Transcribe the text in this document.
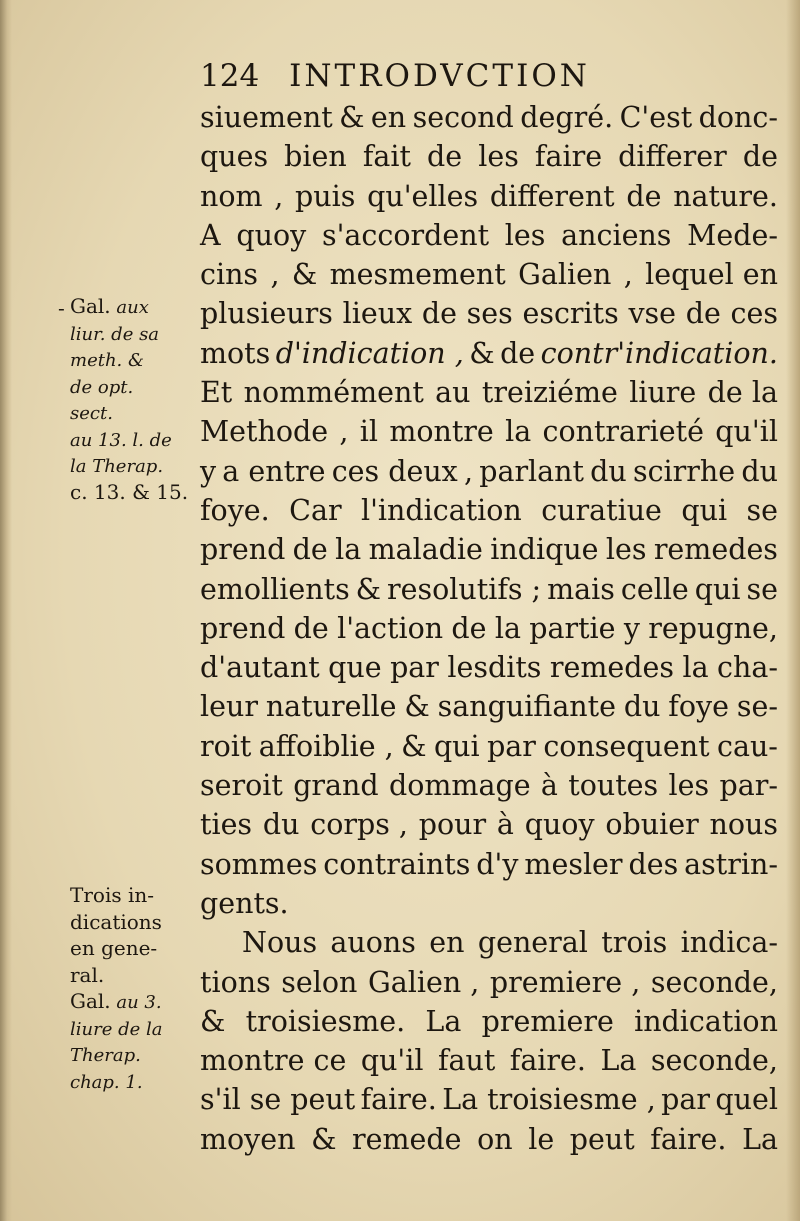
124 INTRODVCTION
- Gal. aux
liur. de sa
meth. &
de opt.
sect.
au 13. l. de
la Therap.
c. 13. & 15.
Trois in-
dications
en gene-
ral.
Gal. au 3.
liure de la
Therap.
chap. 1.
siuement & en second degré. C'est donc-
ques bien fait de les faire differer de
nom , puis qu'elles different de nature.
A quoy s'accordent les anciens Mede-
cins , & mesmement Galien , lequel en
plusieurs lieux de ses escrits vse de ces
mots d'indication , & de contr'indication.
Et nommément au treiziéme liure de la
Methode , il montre la contrarieté qu'il
y a entre ces deux , parlant du scirrhe du
foye. Car l'indication curatiue qui se
prend de la maladie indique les remedes
emollients & resolutifs ; mais celle qui se
prend de l'action de la partie y repugne,
d'autant que par lesdits remedes la cha-
leur naturelle & sanguifiante du foye se-
roit affoiblie , & qui par consequent cau-
seroit grand dommage à toutes les par-
ties du corps , pour à quoy obuier nous
sommes contraints d'y mesler des astrin-
gents.
Nous auons en general trois indica-
tions selon Galien , premiere , seconde,
& troisiesme. La premiere indication
montre ce qu'il faut faire. La seconde,
s'il se peut faire. La troisiesme , par quel
moyen & remede on le peut faire. La
